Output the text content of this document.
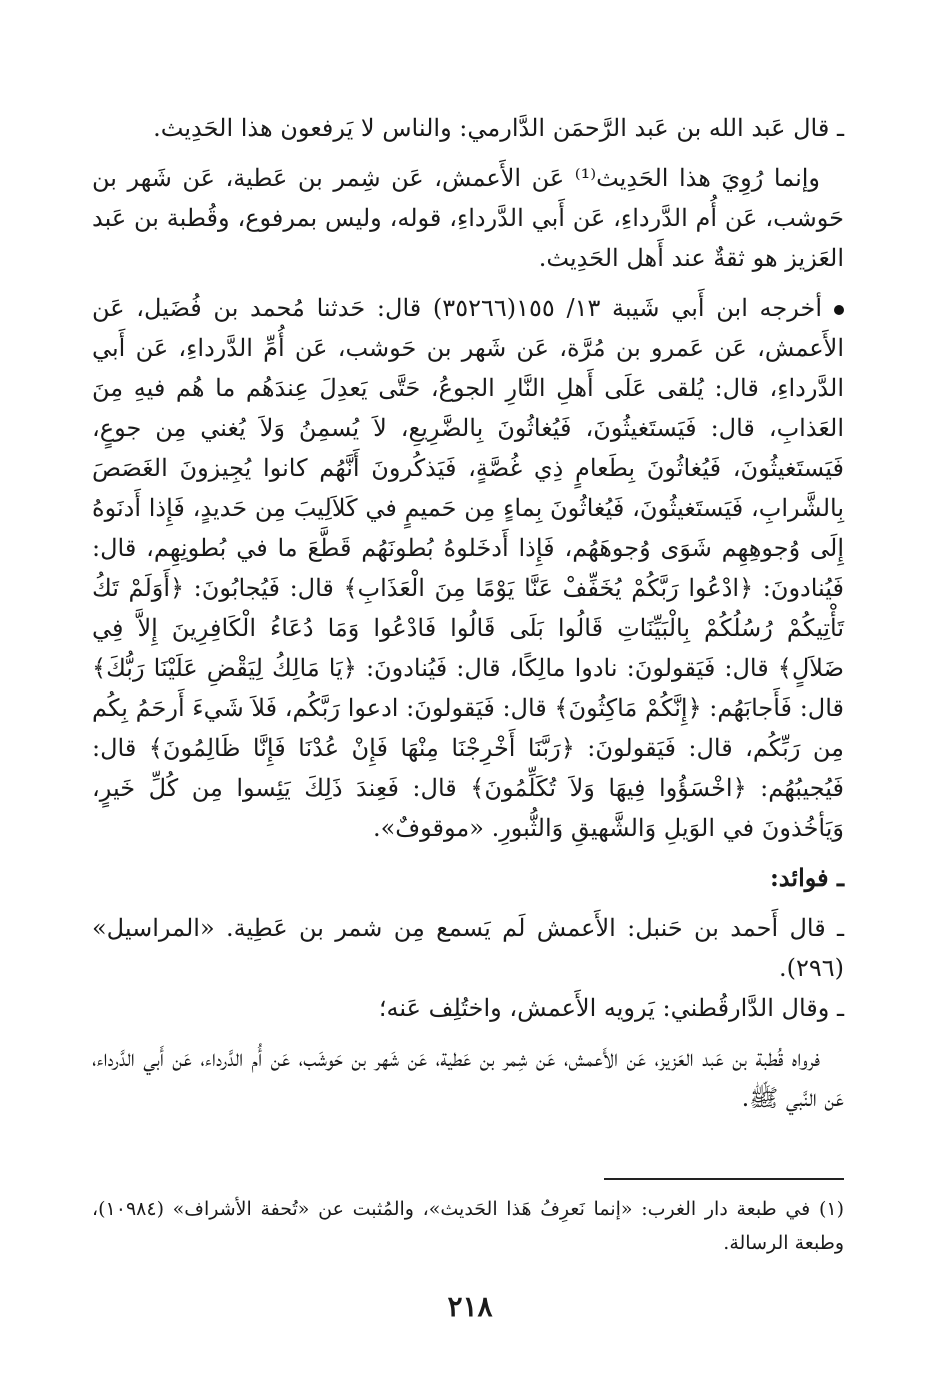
ـ قال عَبد الله بن عَبد الرَّحمَن الدَّارمي: والناس لا يَرفعون هذا الحَدِيث.
وإنما رُوِيَ هذا الحَدِيث⁽¹⁾ عَن الأَعمش، عَن شِمر بن عَطية، عَن شَهر بن حَوشب، عَن أُم الدَّرداءِ، عَن أَبي الدَّرداءِ، قوله، وليس بمرفوع، وقُطبة بن عَبد العَزيز هو ثقةٌ عند أَهل الحَدِيث.
أخرجه ابن أَبي شَيبة ١٣/ ١٥٥(٣٥٢٦٦) قال: حَدثنا مُحمد بن فُضَيل، عَن الأَعمش، عَن عَمرو بن مُرَّة، عَن شَهر بن حَوشب، عَن أُمِّ الدَّرداءِ، عَن أَبي الدَّرداءِ، قال: يُلقى عَلَى أَهلِ النَّارِ الجوعُ، حَتَّى يَعدِلَ عِندَهُم ما هُم فيهِ مِنَ العَذابِ، قال: فَيَستَغيثُونَ، فَيُغاثُونَ بِالضَّرِيعِ، لاَ يُسمِنُ وَلاَ يُغني مِن جوعٍ، فَيَستَغيثُونَ، فَيُغاثُونَ بِطَعامٍ ذِي غُصَّةٍ، فَيَذكُرونَ أَنَّهُم كانوا يُجِيزونَ الغَصَصَ بِالشَّرابِ، فَيَستَغيثُونَ، فَيُغاثُونَ بِماءٍ مِن حَميمٍ في كَلاَلِيبَ مِن حَديدٍ، فَإِذا أَدنَوهُ إِلَى وُجوهِهِم شَوَى وُجوهَهُم، فَإِذا أَدخَلوهُ بُطونَهُم قَطَّعَ ما في بُطونِهِم، قال: فَيُنادونَ: ﴿ادْعُوا رَبَّكُمْ يُخَفِّفْ عَنَّا يَوْمًا مِنَ الْعَذَابِ﴾ قال: فَيُجابُونَ: ﴿أَوَلَمْ تَكُ تَأْتِيكُمْ رُسُلُكُمْ بِالْبَيِّنَاتِ قَالُوا بَلَى قَالُوا فَادْعُوا وَمَا دُعَاءُ الْكَافِرِينَ إِلاَّ فِي ضَلاَلٍ﴾ قال: فَيَقولونَ: نادوا مالِكًا، قال: فَيُنادونَ: ﴿يَا مَالِكُ لِيَقْضِ عَلَيْنَا رَبُّكَ﴾ قال: فَأَجابَهُم: ﴿إِنَّكُمْ مَاكِثُونَ﴾ قال: فَيَقولونَ: ادعوا رَبَّكُم، فَلاَ شَيءَ أَرحَمُ بِكُم مِن رَبِّكُم، قال: فَيَقولونَ: ﴿رَبَّنَا أَخْرِجْنَا مِنْهَا فَإِنْ عُدْنَا فَإِنَّا ظَالِمُونَ﴾ قال: فَيُجيبُهُم: ﴿اخْسَؤُوا فِيهَا وَلاَ تُكَلِّمُونَ﴾ قال: فَعِندَ ذَلِكَ يَئِسوا مِن كُلِّ خَيرٍ، وَيَأخُذونَ في الوَيلِ وَالشَّهيقِ وَالثُّبورِ. «موقوفٌ».
ـ فوائد:
ـ قال أَحمد بن حَنبل: الأَعمش لَم يَسمع مِن شمر بن عَطِية. «المراسيل» (٢٩٦).
ـ وقال الدَّارقُطني: يَرويه الأَعمش، واختُلِف عَنه؛
فرواه قُطبة بن عَبد العَزيز، عَن الأَعمش، عَن شِمر بن عَطية، عَن شَهر بن حَوشَب، عَن أُم الدَّرداء، عَن أَبي الدَّرداء، عَن النَّبي ﷺ.
(١) في طبعة دار الغرب: «إنما نَعرِفُ هَذا الحَديث»، والمُثبت عن «تُحفة الأشراف» (١٠٩٨٤)، وطبعة الرسالة.
٢١٨
